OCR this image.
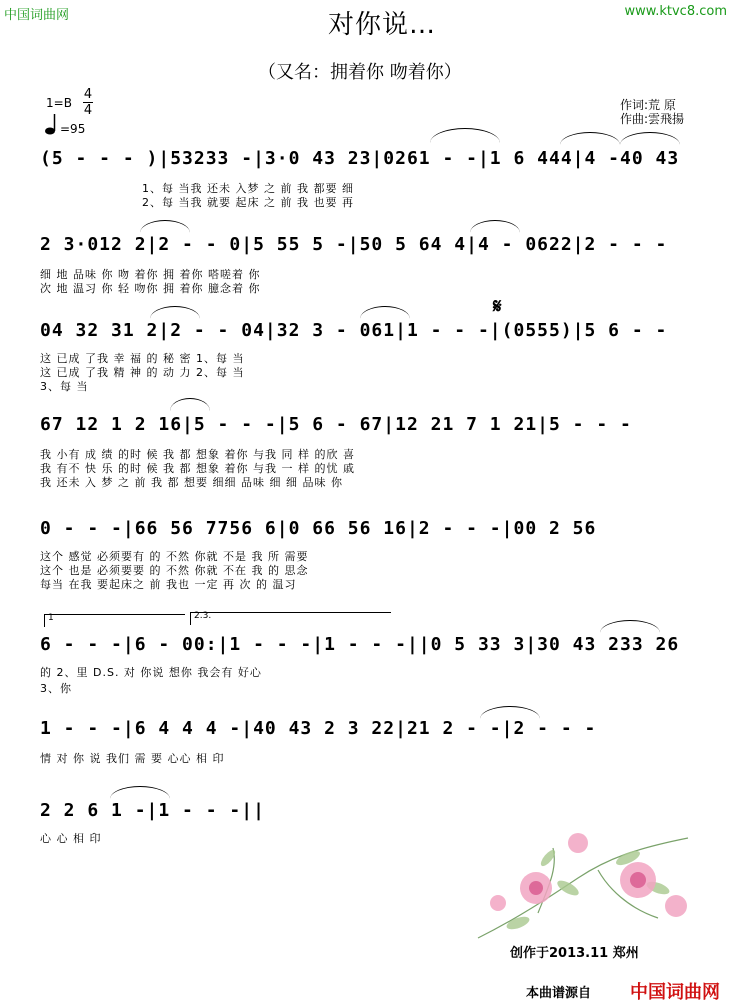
中国词曲网	www.ktvc8.com
对你说…
（又名：拥着你 吻着你）
1=B
4
4
=95
作词:荒 原
作曲:雲飛揚
(5 - - - )|53233 -|3·0 43 23|0261 - -|1 6 444|4 -40 43
1、每 当我 还未 入梦 之 前 我 都要 细
2、每 当我 就要 起床 之 前 我 也要 再
2 3·012 2|2 - - 0|5 55 5 -|50 5 64 4|4 - 0622|2 - - -
细 地 品味 你 吻 着你 拥 着你 嗒嗟着 你
次 地 温习 你 轻 吻你 拥 着你 臆念着 你
04 32 31 2|2 - - 04|32 3 - 061|1 - - -|(0555)|5 6 - -
这 已成 了我 幸 福 的 秘 密 1、每 当
这 已成 了我 精 神 的 动 力 2、每 当
3、每 当
𝄋
67 12 1 2 16|5 - - -|5 6 - 67|12 21 7 1 21|5 - - -
我 小有 成 绩 的时 候 我 都 想象 着你 与我 同 样 的欣 喜
我 有不 快 乐 的时 候 我 都 想象 着你 与我 一 样 的忧 戚
我 还未 入 梦 之 前 我 都 想要 细细 品味 细 细 品味 你
0 - - -|66 56 7756 6|0 66 56 16|2 - - -|00 2 56
这个 感觉 必须要有 的 不然 你就 不是 我 所 需要
这个 也是 必须要要 的 不然 你就 不在 我 的 思念
每当 在我 要起床之 前 我也 一定 再 次 的 温习
1	2.3.
6 - - -|6 - 00:|1 - - -|1 - - -||0 5 33 3|30 43 233 26
的 2、里 D.S. 对 你说 想你 我会有 好心
3、你
1 - - -|6 4 4 4 -|40 43 2 3 22|21 2 - -|2 - - -
情 对 你 说 我们 需 要 心心 相 印
2 2 6 1 -|1 - - -||
心 心 相 印
创作于2013.11 郑州
本曲谱源自 中国词曲网
